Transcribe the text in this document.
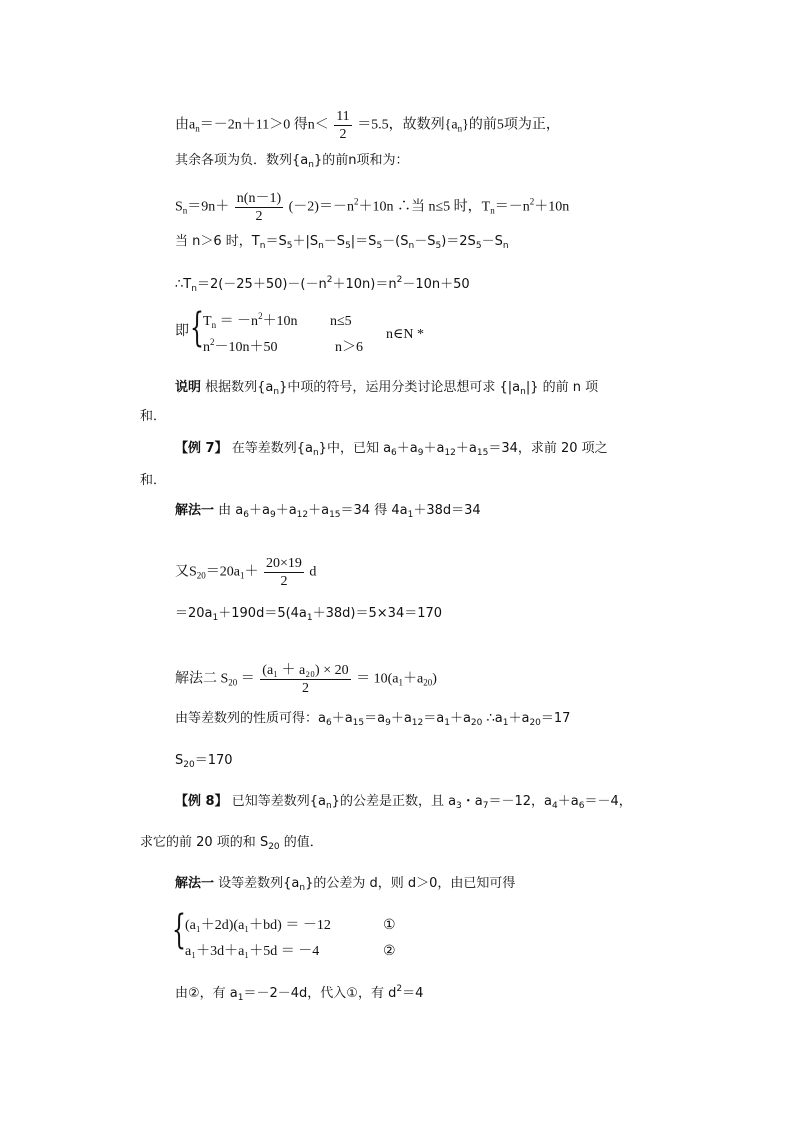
由$a_n=-2n+11>0$ 得$n< \frac{11}{2} =5.5$，故数列$\{a_n\}$的前5项为正，
其余各项为负．数列$\{a_n\}$的前n项和为：
$S_n=9n+ \frac{n(n-1)}{2} (-2)=-n^2+10n$ ∴当 n≤5 时，$T_n=-n^2+10n$
当 n＞6 时，$T_n=S_5+|S_n-S_5|=S_5-(S_n-S_5)=2S_5-S_n$
$\therefore T_n=2(-25+50)-(-n^2+10n)=n^2-10n+50$
即 { $T_n = -n^2+10n$ n≤5
$n^2-10n+50$	n＞6
n∈N *
说明 根据数列$\{a_n\}$中项的符号，运用分类讨论思想可求 $\{|a_n|\}$ 的前 n 项
和．
【例 7】 在等差数列$\{a_n\}$中，已知 $a_6+a_9+a_{12}+a_{15}=34$，求前 20 项之
和．
解法一 由 $a_6+a_9+a_{12}+a_{15}=34$ 得 $4a_1+38d=34$
又$S_{20}=20a_1+ \frac{20\times 19}{2}$ d
$=20a_1+190d=5(4a_1+38d)=5\times 34=170$
解法二 $S_{20} = \frac{\text{(a₁ ＋ a₂₀) × 20}}{2} = 10(a_1+a_{20})$
由等差数列的性质可得：$a_6+a_{15}=a_9+a_{12}=a_1+a_{20}$ $\therefore a_1+a_{20}=17$
$S_{20}=170$
【例 8】 已知等差数列$\{a_n\}$的公差是正数，且 $a_3$・$a_7=-12$，$a_4+a_6=-4$，
求它的前 20 项的和 $S_{20}$ 的值．
解法一 设等差数列$\{a_n\}$的公差为 d，则 d＞0，由已知可得
{ (a₁＋2d)(a₁＋bd) ＝ －12	①
a₁＋3d＋a₁＋5d ＝ －4	②
由②，有 $a_1=-2-4d$，代入①，有 $d^2=4$
